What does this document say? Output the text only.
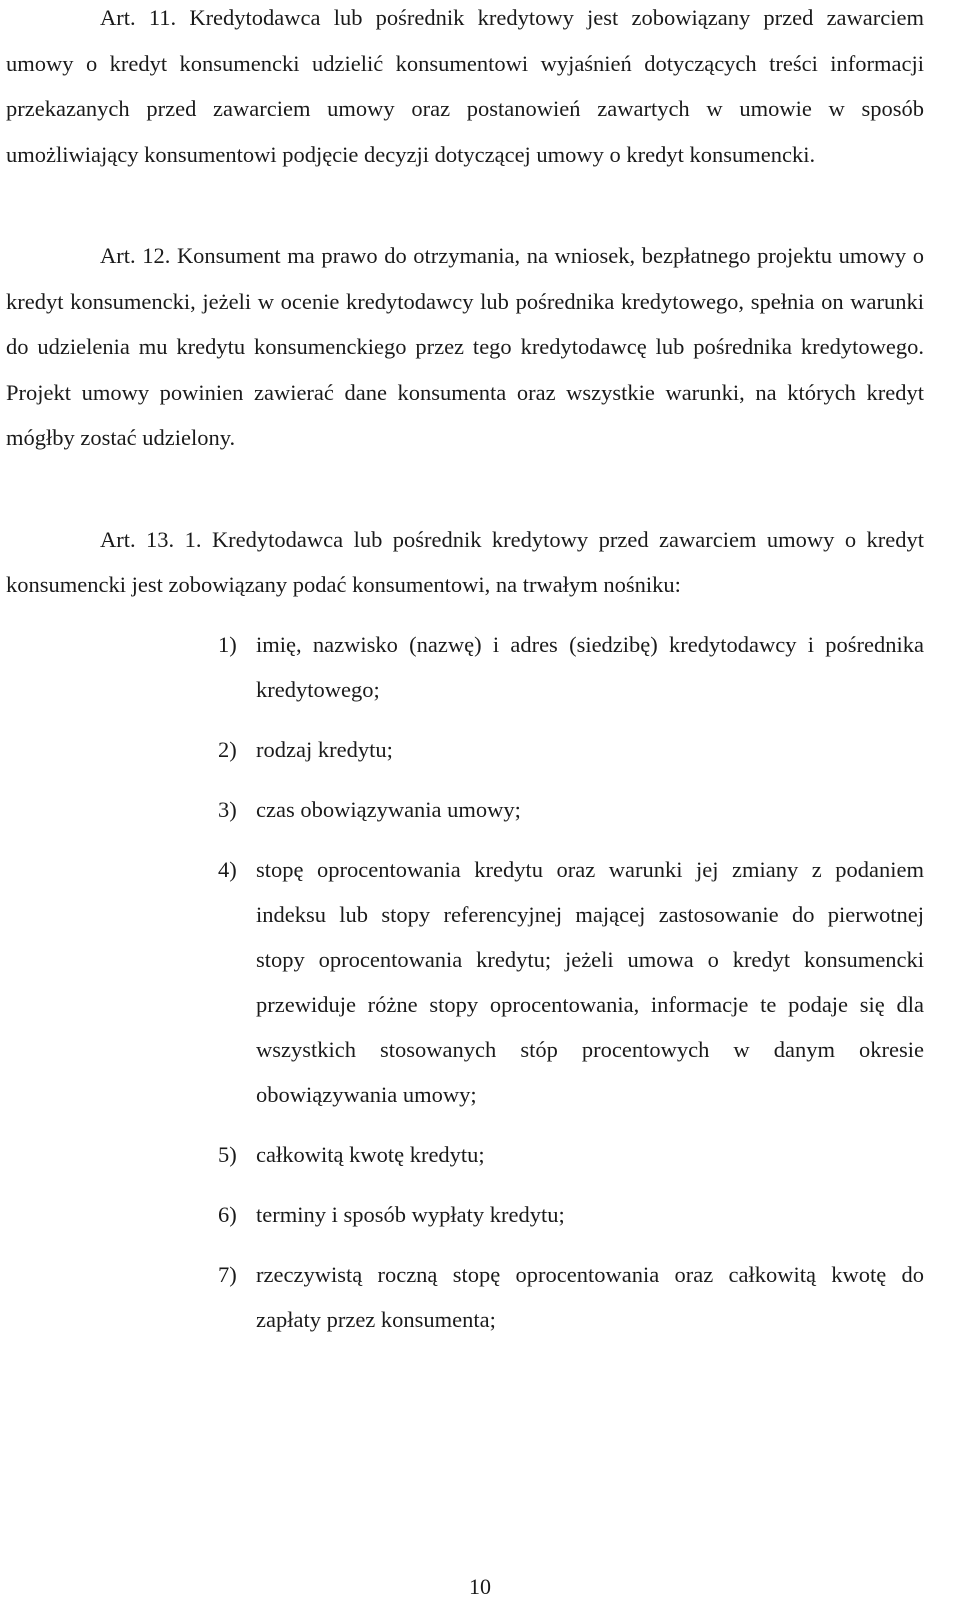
Art. 11. Kredytodawca lub pośrednik kredytowy jest zobowiązany przed zawarciem umowy o kredyt konsumencki udzielić konsumentowi wyjaśnień dotyczących treści informacji przekazanych przed zawarciem umowy oraz postanowień zawartych w umowie w sposób umożliwiający konsumentowi podjęcie decyzji dotyczącej umowy o kredyt konsumencki.

Art. 12. Konsument ma prawo do otrzymania, na wniosek, bezpłatnego projektu umowy o kredyt konsumencki, jeżeli w ocenie kredytodawcy lub pośrednika kredytowego, spełnia on warunki do udzielenia mu kredytu konsumenckiego przez tego kredytodawcę lub pośrednika kredytowego. Projekt umowy powinien zawierać dane konsumenta oraz wszystkie warunki, na których kredyt mógłby zostać udzielony.

Art. 13. 1. Kredytodawca lub pośrednik kredytowy przed zawarciem umowy o kredyt konsumencki jest zobowiązany podać konsumentowi, na trwałym nośniku:

1) imię, nazwisko (nazwę) i adres (siedzibę) kredytodawcy i pośrednika kredytowego;
2) rodzaj kredytu;
3) czas obowiązywania umowy;
4) stopę oprocentowania kredytu oraz warunki jej zmiany z podaniem indeksu lub stopy referencyjnej mającej zastosowanie do pierwotnej stopy oprocentowania kredytu; jeżeli umowa o kredyt konsumencki przewiduje różne stopy oprocentowania, informacje te podaje się dla wszystkich stosowanych stóp procentowych w danym okresie obowiązywania umowy;
5) całkowitą kwotę kredytu;
6) terminy i sposób wypłaty kredytu;
7) rzeczywistą roczną stopę oprocentowania oraz całkowitą kwotę do zapłaty przez konsumenta;
10
